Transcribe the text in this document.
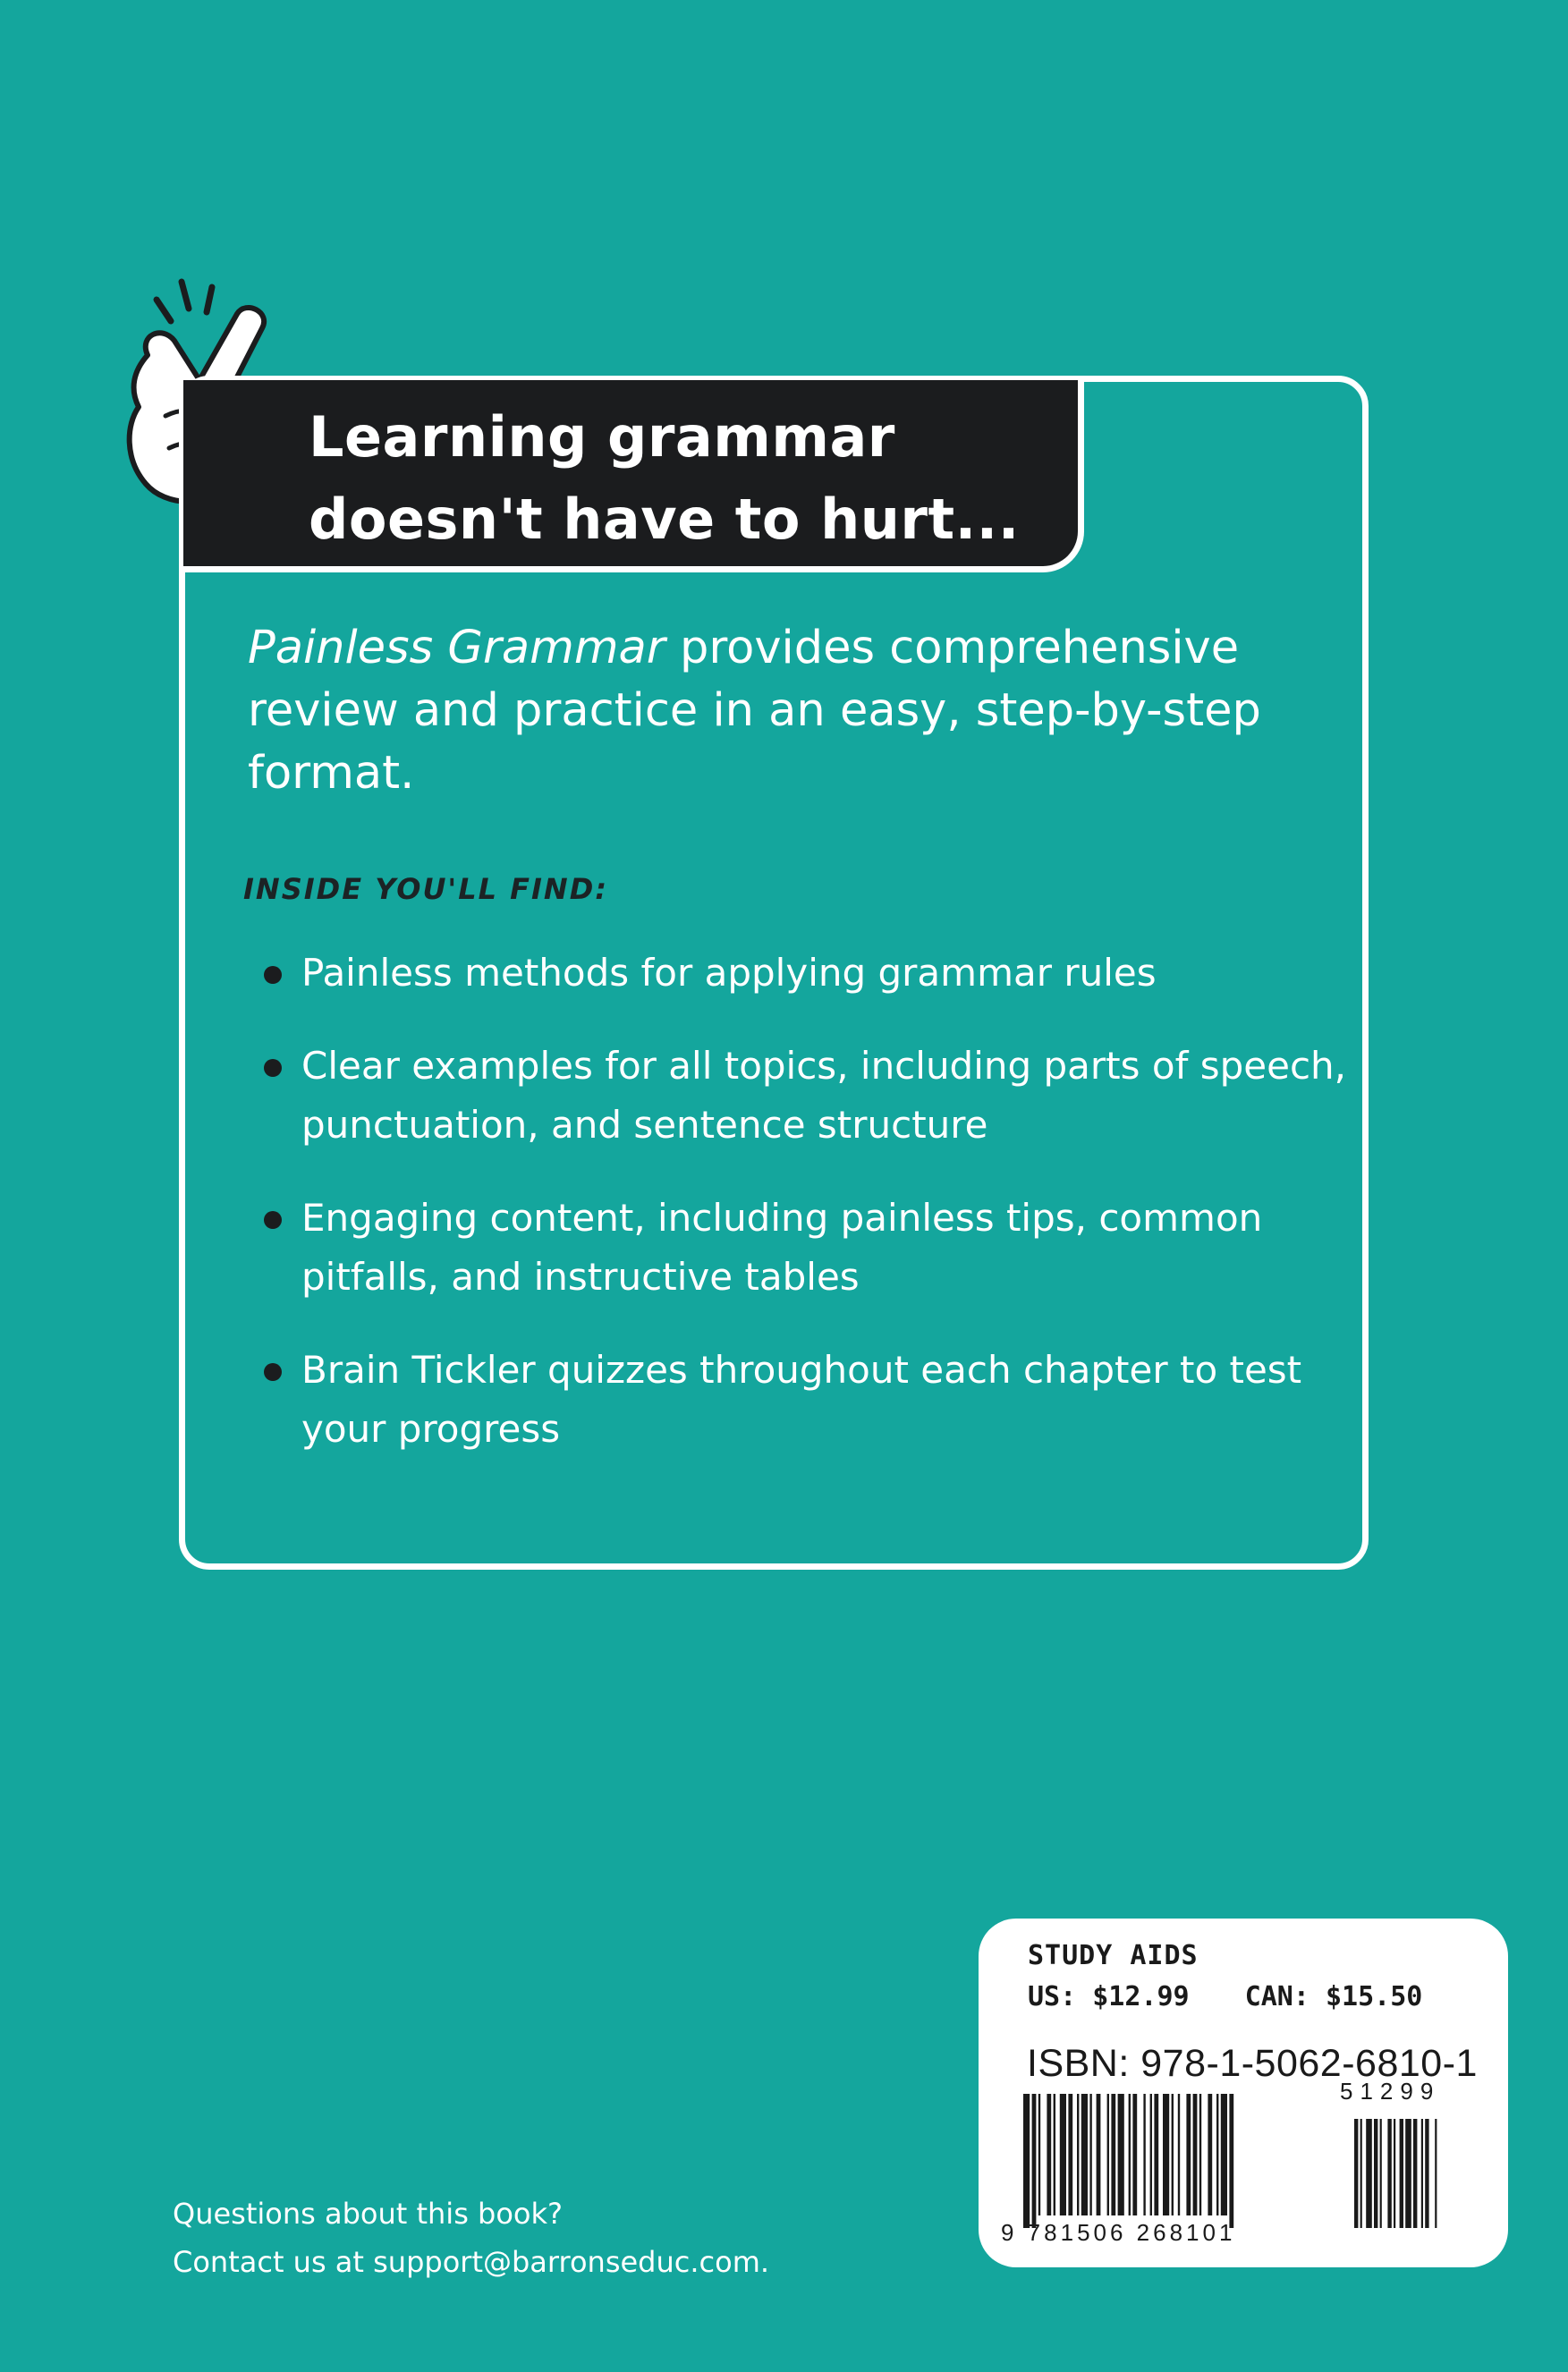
Learning grammar
doesn't have to hurt...

Painless Grammar provides comprehensive review and practice in an easy, step-by-step format.

INSIDE YOU'LL FIND:

Painless methods for applying grammar rules
Clear examples for all topics, including parts of speech, punctuation, and sentence structure
Engaging content, including painless tips, common pitfalls, and instructive tables
Brain Tickler quizzes throughout each chapter to test your progress

Questions about this book?
Contact us at support@barronseduc.com.

STUDY AIDS

US: $12.99 CAN: $15.50

ISBN: 978-1-5062-6810-1

51299

9 781506 268101
